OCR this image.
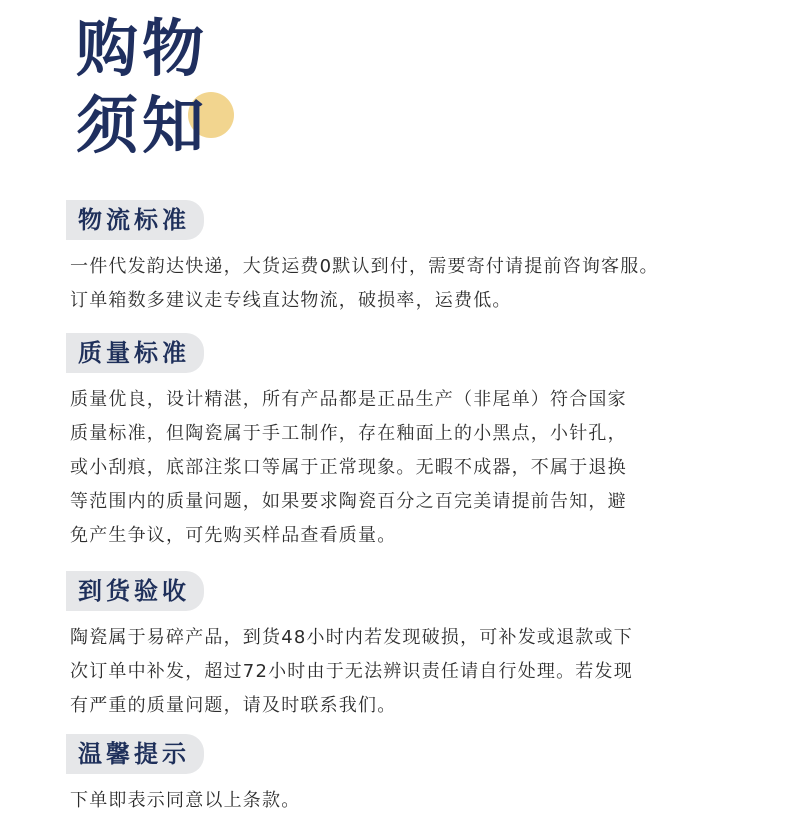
购物
须知
物流标准
一件代发韵达快递，大货运费0默认到付，需要寄付请提前咨询客服。
订单箱数多建议走专线直达物流，破损率，运费低。
质量标准
质量优良，设计精湛，所有产品都是正品生产（非尾单）符合国家
质量标准，但陶瓷属于手工制作，存在釉面上的小黑点，小针孔，
或小刮痕，底部注浆口等属于正常现象。无暇不成器，不属于退换
等范围内的质量问题，如果要求陶瓷百分之百完美请提前告知，避
免产生争议，可先购买样品查看质量。
到货验收
陶瓷属于易碎产品，到货48小时内若发现破损，可补发或退款或下
次订单中补发，超过72小时由于无法辨识责任请自行处理。若发现
有严重的质量问题，请及时联系我们。
温馨提示
下单即表示同意以上条款。
